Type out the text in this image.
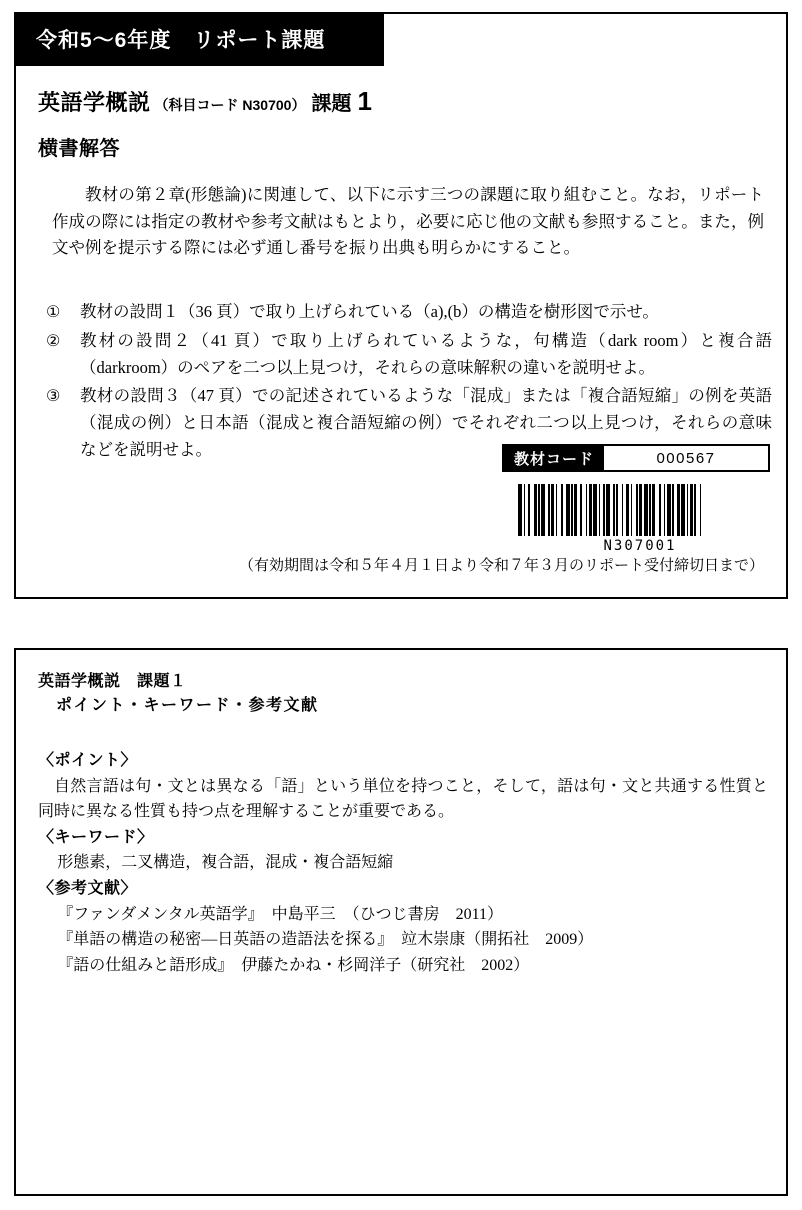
令和5～6年度　リポート課題
英語学概説 （科目コード N30700） 課題 1
横書解答
教材の第２章(形態論)に関連して、以下に示す三つの課題に取り組むこと。なお，リポート作成の際には指定の教材や参考文献はもとより，必要に応じ他の文献も参照すること。また，例文や例を提示する際には必ず通し番号を振り出典も明らかにすること。
①	教材の設問１（36 頁）で取り上げられている（a),(b）の構造を樹形図で示せ。
②	教材の設問２（41 頁）で取り上げられているような，句構造（dark room）と複合語（darkroom）のペアを二つ以上見つけ，それらの意味解釈の違いを説明せよ。
③	教材の設問３（47 頁）での記述されているような「混成」または「複合語短縮」の例を英語（混成の例）と日本語（混成と複合語短縮の例）でそれぞれ二つ以上見つけ，それらの意味などを説明せよ。
教材コード	000567
N307001
（有効期間は令和５年４月１日より令和７年３月のリポート受付締切日まで）
英語学概説　課題１
ポイント・キーワード・参考文献
〈ポイント〉
自然言語は句・文とは異なる「語」という単位を持つこと，そして，語は句・文と共通する性質と同時に異なる性質も持つ点を理解することが重要である。
〈キーワード〉
形態素，二叉構造，複合語，混成・複合語短縮
〈参考文献〉
『ファンダメンタル英語学』　中島平三　（ひつじ書房　2011）
『単語の構造の秘密―日英語の造語法を探る』　竝木崇康（開拓社　2009）
『語の仕組みと語形成』　伊藤たかね・杉岡洋子（研究社　2002）
